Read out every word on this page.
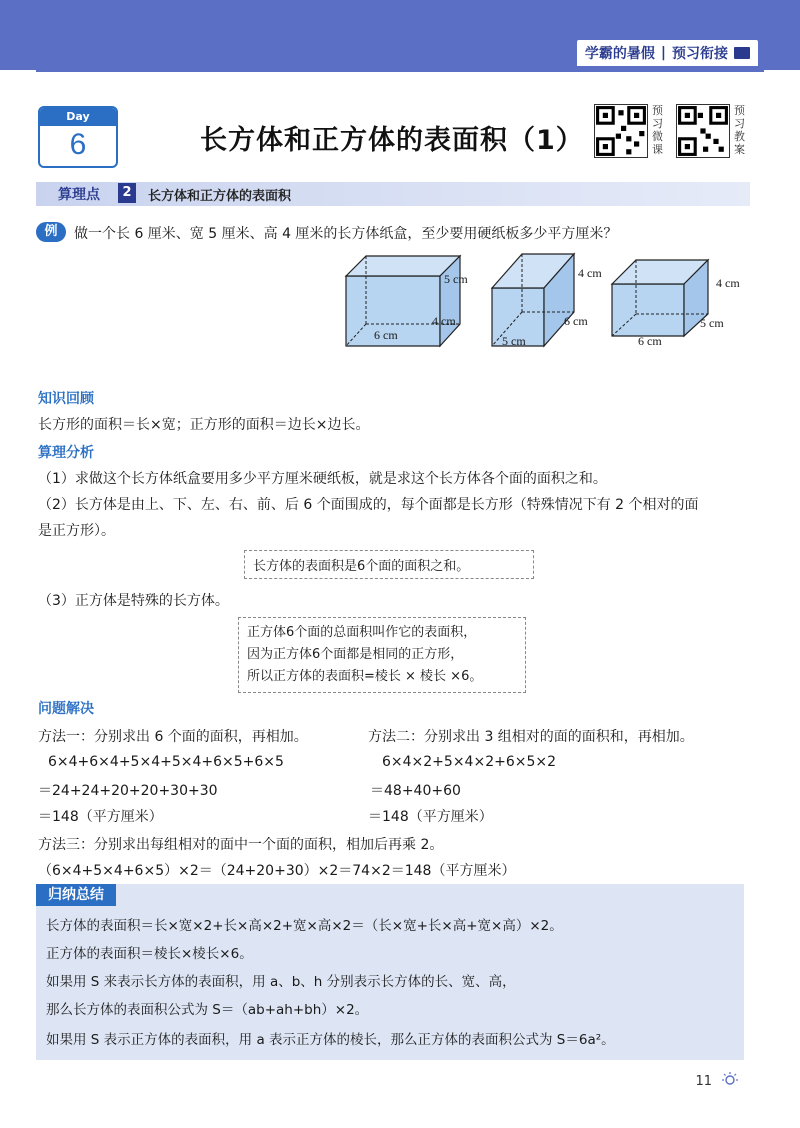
学霸的暑假 | 预习衔接
Day
6	长方体和正方体的表面积（1）
预
习
微
课
预
习
教
案
算理点	2	长方体和正方体的表面积
例	做一个长 6 厘米、宽 5 厘米、高 4 厘米的长方体纸盒，至少要用硬纸板多少平方厘米？
5 cm
4 cm
6 cm
4 cm
6 cm
5 cm
4 cm
5 cm
6 cm
知识回顾
长方形的面积＝长×宽；正方形的面积＝边长×边长。
算理分析
（1）求做这个长方体纸盒要用多少平方厘米硬纸板，就是求这个长方体各个面的面积之和。
（2）长方体是由上、下、左、右、前、后 6 个面围成的，每个面都是长方形（特殊情况下有 2 个相对的面
是正方形）。
长方体的表面积是6个面的面积之和。
（3）正方体是特殊的长方体。
正方体6个面的总面积叫作它的表面积，
因为正方体6个面都是相同的正方形，
所以正方体的表面积=棱长 × 棱长 ×6。
问题解决
方法一：分别求出 6 个面的面积，再相加。
6×4+6×4+5×4+5×4+6×5+6×5
＝24+24+20+20+30+30
＝148（平方厘米）
方法二：分别求出 3 组相对的面的面积和，再相加。
6×4×2+5×4×2+6×5×2
＝48+40+60
＝148（平方厘米）
方法三：分别求出每组相对的面中一个面的面积，相加后再乘 2。
（6×4+5×4+6×5）×2＝（24+20+30）×2＝74×2＝148（平方厘米）
归纳总结
长方体的表面积＝长×宽×2+长×高×2+宽×高×2＝（长×宽+长×高+宽×高）×2。
正方体的表面积＝棱长×棱长×6。
如果用 S 来表示长方体的表面积，用 a、b、h 分别表示长方体的长、宽、高，
那么长方体的表面积公式为 S＝（ab+ah+bh）×2。
如果用 S 表示正方体的表面积，用 a 表示正方体的棱长，那么正方体的表面积公式为 S＝6a²。
11
